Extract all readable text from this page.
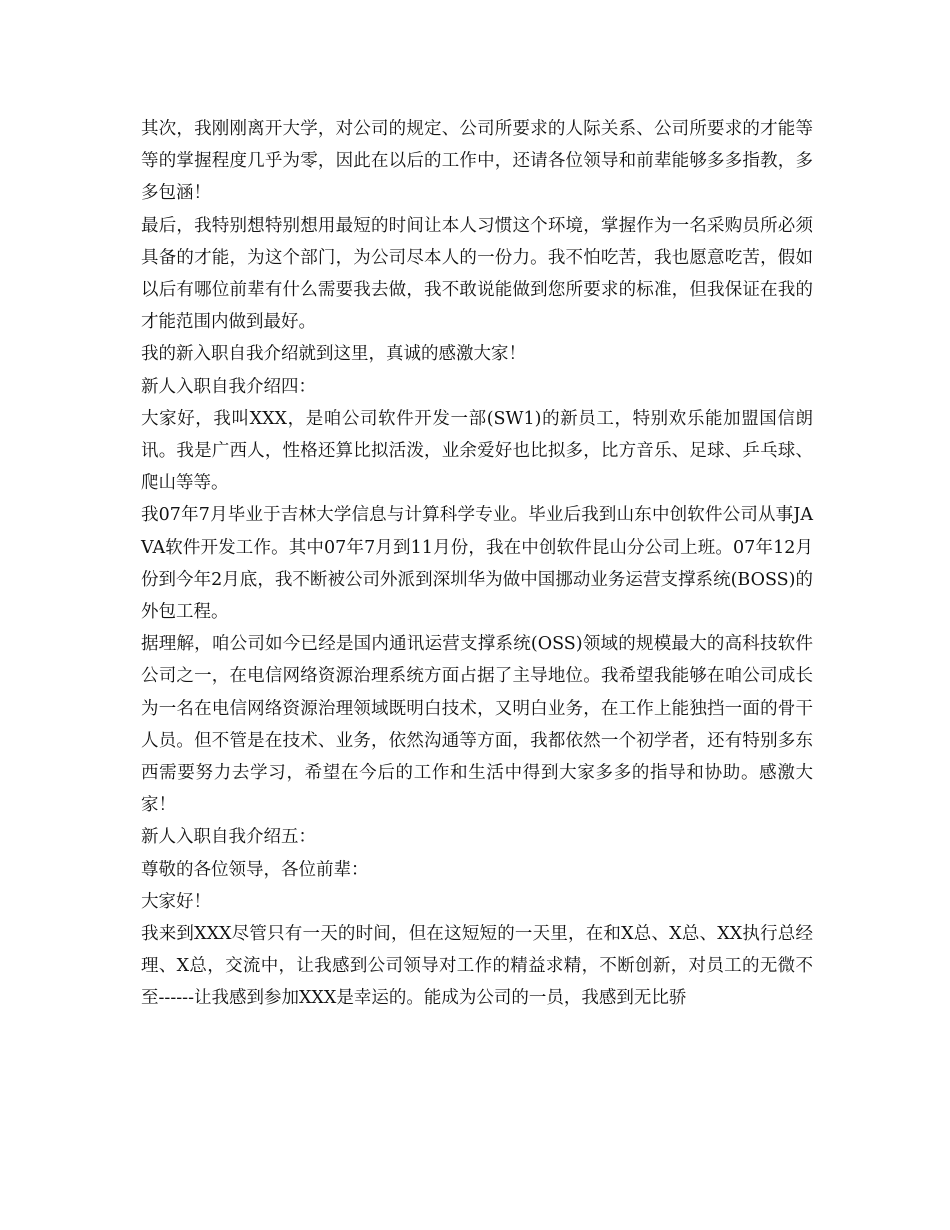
其次，我刚刚离开大学，对公司的规定、公司所要求的人际关系、公司所要求的才能等等的掌握程度几乎为零，因此在以后的工作中，还请各位领导和前辈能够多多指教，多多包涵！

最后，我特别想特别想用最短的时间让本人习惯这个环境，掌握作为一名采购员所必须具备的才能，为这个部门，为公司尽本人的一份力。我不怕吃苦，我也愿意吃苦，假如以后有哪位前辈有什么需要我去做，我不敢说能做到您所要求的标准，但我保证在我的才能范围内做到最好。

我的新入职自我介绍就到这里，真诚的感激大家！

新人入职自我介绍四：

大家好，我叫XXX，是咱公司软件开发一部(SW1)的新员工，特别欢乐能加盟国信朗讯。我是广西人，性格还算比拟活泼，业余爱好也比拟多，比方音乐、足球、乒乓球、爬山等等。

我07年7月毕业于吉林大学信息与计算科学专业。毕业后我到山东中创软件公司从事JAVA软件开发工作。其中07年7月到11月份，我在中创软件昆山分公司上班。07年12月份到今年2月底，我不断被公司外派到深圳华为做中国挪动业务运营支撑系统(BOSS)的外包工程。

据理解，咱公司如今已经是国内通讯运营支撑系统(OSS)领域的规模最大的高科技软件公司之一，在电信网络资源治理系统方面占据了主导地位。我希望我能够在咱公司成长为一名在电信网络资源治理领域既明白技术，又明白业务，在工作上能独挡一面的骨干人员。但不管是在技术、业务，依然沟通等方面，我都依然一个初学者，还有特别多东西需要努力去学习，希望在今后的工作和生活中得到大家多多的指导和协助。感激大家！

新人入职自我介绍五：

尊敬的各位领导，各位前辈：

大家好！

我来到XXX尽管只有一天的时间，但在这短短的一天里，在和X总、X总、XX执行总经理、X总，交流中，让我感到公司领导对工作的精益求精，不断创新，对员工的无微不至------让我感到参加XXX是幸运的。能成为公司的一员，我感到无比骄
